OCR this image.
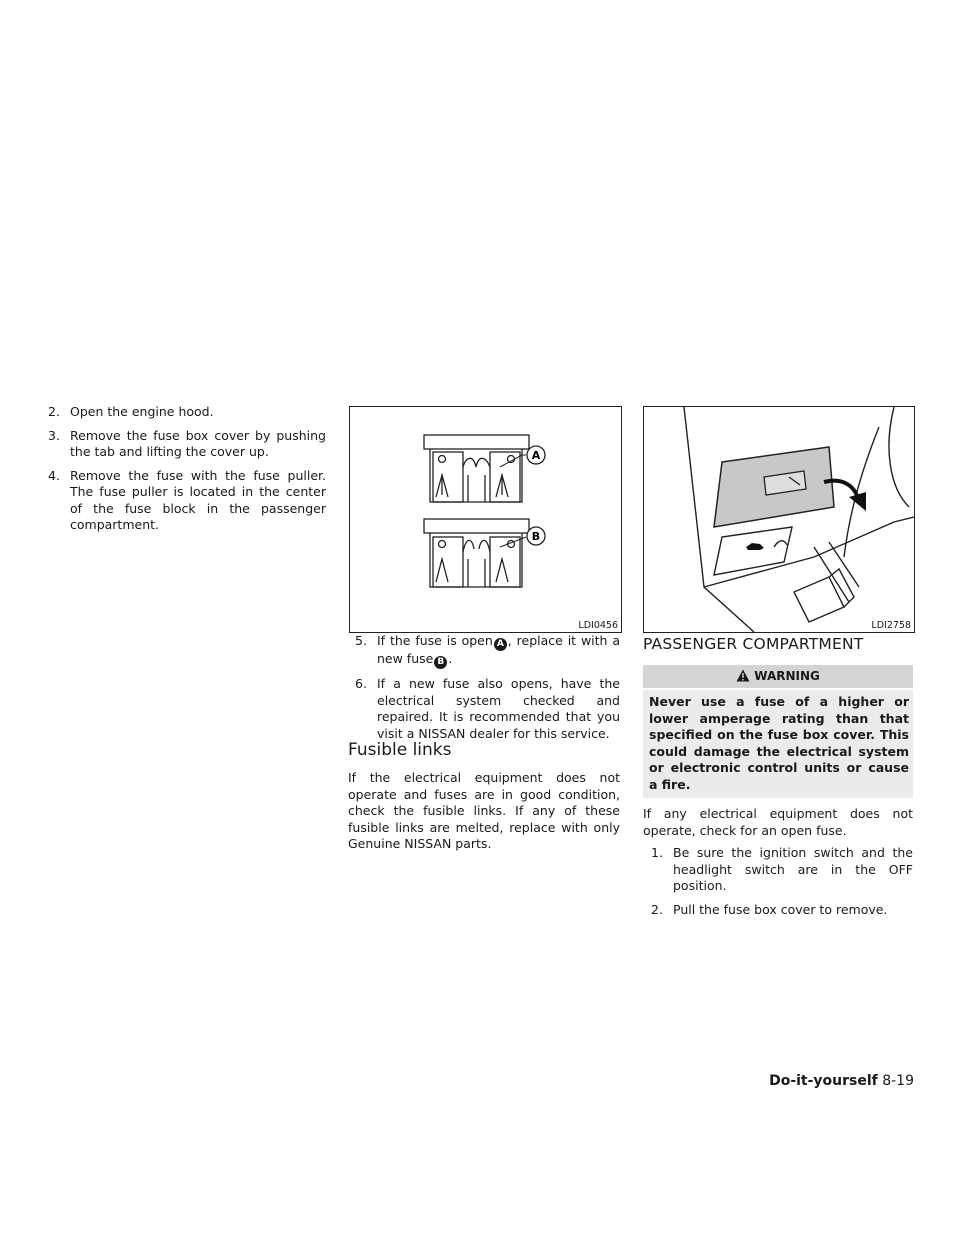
2. Open the engine hood.
3. Remove the fuse box cover by pushing the tab and lifting the cover up.
4. Remove the fuse with the fuse puller. The fuse puller is located in the center of the fuse block in the passenger compartment.
A
B
LDI0456	LDI2758
5. If the fuse is open A , replace it with a new fuse B .
6. If a new fuse also opens, have the electrical system checked and repaired. It is recommended that you visit a NISSAN dealer for this service.
Fusible links

If the electrical equipment does not operate and fuses are in good condition, check the fusible links. If any of these fusible links are melted, replace with only Genuine NISSAN parts.

PASSENGER COMPARTMENT
WARNING
Never use a fuse of a higher or lower amperage rating than that specified on the fuse box cover. This could damage the electrical system or electronic control units or cause a fire.

If any electrical equipment does not operate, check for an open fuse.

1. Be sure the ignition switch and the headlight switch are in the OFF position.
2. Pull the fuse box cover to remove.
Do-it-yourself 8-19
